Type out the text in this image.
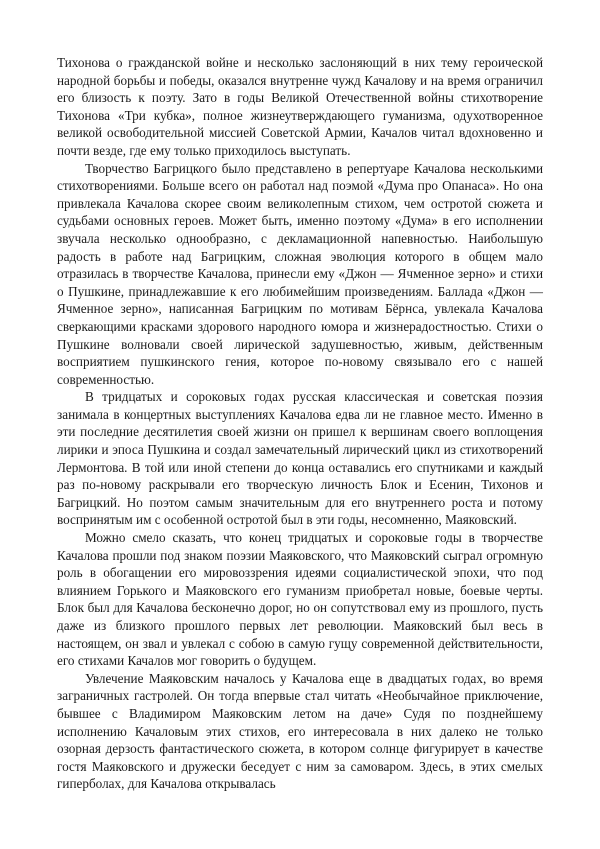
Тихонова о гражданской войне и несколько заслоняющий в них тему героической народной борьбы и победы, оказался внутренне чужд Качалову и на время ограничил его близость к поэту. Зато в годы Великой Отечественной войны стихотворение Тихонова «Три кубка», полное жизнеутверждающего гуманизма, одухотворенное великой освободительной миссией Советской Армии, Качалов читал вдохновенно и почти везде, где ему только приходилось выступать.

Творчество Багрицкого было представлено в репертуаре Качалова несколькими стихотворениями. Больше всего он работал над поэмой «Дума про Опанаса». Но она привлекала Качалова скорее своим великолепным стихом, чем остротой сюжета и судьбами основных героев. Может быть, именно поэтому «Дума» в его исполнении звучала несколько однообразно, с декламационной напевностью. Наибольшую радость в работе над Багрицким, сложная эволюция которого в общем мало отразилась в творчестве Качалова, принесли ему «Джон — Ячменное зерно» и стихи о Пушкине, принадлежавшие к его любимейшим произведениям. Баллада «Джон — Ячменное зерно», написанная Багрицким по мотивам Бёрнса, увлекала Качалова сверкающими красками здорового народного юмора и жизнерадостностью. Стихи о Пушкине волновали своей лирической задушевностью, живым, действенным восприятием пушкинского гения, которое по-новому связывало его с нашей современностью.

В тридцатых и сороковых годах русская классическая и советская поэзия занимала в концертных выступлениях Качалова едва ли не главное место. Именно в эти последние десятилетия своей жизни он пришел к вершинам своего воплощения лирики и эпоса Пушкина и создал замечательный лирический цикл из стихотворений Лермонтова. В той или иной степени до конца оставались его спутниками и каждый раз по-новому раскрывали его творческую личность Блок и Есенин, Тихонов и Багрицкий. Но поэтом самым значительным для его внутреннего роста и потому воспринятым им с особенной остротой был в эти годы, несомненно, Маяковский.

Можно смело сказать, что конец тридцатых и сороковые годы в творчестве Качалова прошли под знаком поэзии Маяковского, что Маяковский сыграл огромную роль в обогащении его мировоззрения идеями социалистической эпохи, что под влиянием Горького и Маяковского его гуманизм приобретал новые, боевые черты. Блок был для Качалова бесконечно дорог, но он сопутствовал ему из прошлого, пусть даже из близкого прошлого первых лет революции. Маяковский был весь в настоящем, он звал и увлекал с собою в самую гущу современной действительности, его стихами Качалов мог говорить о будущем.

Увлечение Маяковским началось у Качалова еще в двадцатых годах, во время заграничных гастролей. Он тогда впервые стал читать «Необычайное приключение, бывшее с Владимиром Маяковским летом на даче» Судя по позднейшему исполнению Качаловым этих стихов, его интересовала в них далеко не только озорная дерзость фантастического сюжета, в котором солнце фигурирует в качестве гостя Маяковского и дружески беседует с ним за самоваром. Здесь, в этих смелых гиперболах, для Качалова открывалась
